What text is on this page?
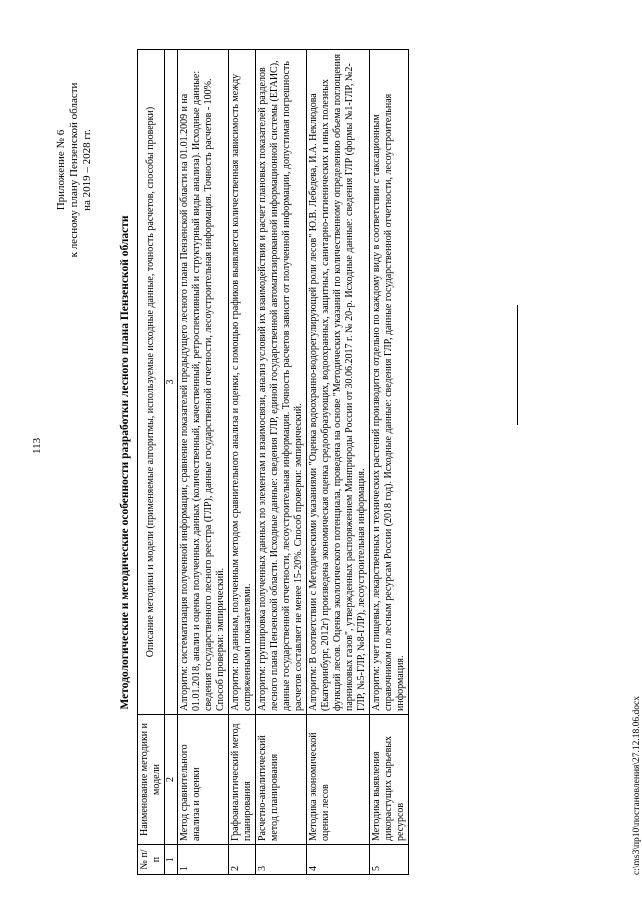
113
Приложение № 6 к лесному плану Пензенской области на 2019 – 2028 гг.
Методологические и методические особенности разработки лесного плана Пензенской области
№ п/п	Наименование методики и модели	Описание методики и модели (применяемые алгоритмы, используемые исходные данные, точность расчетов, способы проверки)
1	2	3
1	Метод сравнительного анализа и оценки	Алгоритм: систематизация полученной информации, сравнение показателей предыдущего лесного плана Пензенской области на 01.01.2009 и на 01.01.2018, анализ и оценка полученных данных (количественный, качественный, ретроспективный и структурный виды анализа). Исходные данные: сведения государственного лесного реестра (ГЛР), данные государственной отчетности, лесоустроительная информация. Точность расчетов - 100%. Способ проверки: эмпирический.
2	Графоаналитический метод планирования	Алгоритм: по данным, полученным методом сравнительного анализа и оценки, с помощью графиков выявляется количественная зависимость между сопряженными показателями.
3	Расчетно-аналитический метод планирования	Алгоритм: группировка полученных данных по элементам и взаимосвязи, анализ условий их взаимодействия и расчет плановых показателей разделов лесного плана Пензенской области. Исходные данные: сведения ГЛР, единой государственной автоматизированной информационной системы (ЕГАИС), данные государственной отчетности, лесоустроительная информация. Точность расчетов зависит от полученной информации, допустимая погрешность расчетов составляет не менее 15-20%. Способ проверки: эмпирический.
4	Методика экономической оценки лесов	Алгоритм: В соответствии с Методическими указаниями "Оценка водоохранно-водорегулирующей роли лесов" Ю.В. Лебедева, И.А. Неклюдова (Екатеринбург, 2012г) произведена экономическая оценка средообразующих, водоохранных, защитных, санитарно-гигиенических и иных полезных функций лесов. Оценка экологического потенциала, проведена на основе "Методических указаний по количественному определению объема поглощения парниковых газов", утвержденных распоряжением Минприроды России от 30.06.2017 г. № 20-р. Исходные данные: сведения ГЛР (формы №1-ГЛР, №2-ГЛР, №5-ГЛР, №8-ГЛР), лесоустроительная информация.
5	Методика выявления дикорастущих сырьевых ресурсов	Алгоритм: учет пищевых, лекарственных и технических растений производится отдельно по каждому виду в соответствии с таксационным справочником по лесным ресурсам России (2018 год). Исходные данные: сведения ГЛР, данные государственной отчетности, лесоустроительная информация.
c:\ms3\пр10\постановления\27.12.18.06.docx
